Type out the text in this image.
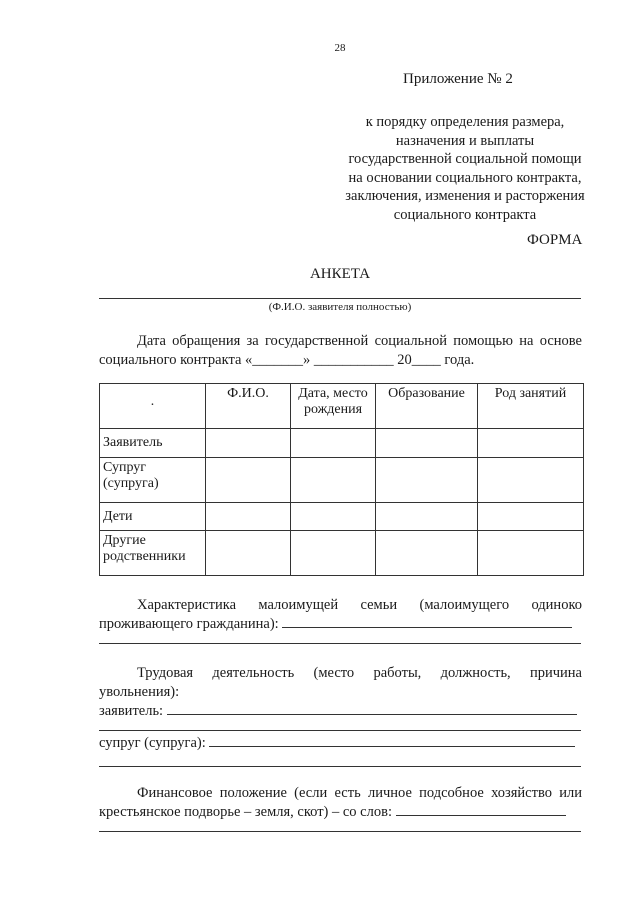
28
Приложение № 2
к порядку определения размера,
назначения и выплаты
государственной социальной помощи
на основании социального контракта,
заключения, изменения и расторжения
социального контракта
ФОРМА
АНКЕТА
(Ф.И.О. заявителя полностью)
Дата обращения за государственной социальной помощью на основе
социального контракта «_______» ___________ 20____ года.
·	Ф.И.О.	Дата, место рождения	Образование	Род занятий
Заявитель				
Супруг (супруга)				
Дети				
Другие родственники				
Характеристика малоимущей семьи (малоимущего одиноко
проживающего гражданина):
Трудовая деятельность (место работы, должность, причина
увольнения):
заявитель:
супруг (супруга):
Финансовое положение (если есть личное подсобное хозяйство или
крестьянское подворье – земля, скот) – со слов:
